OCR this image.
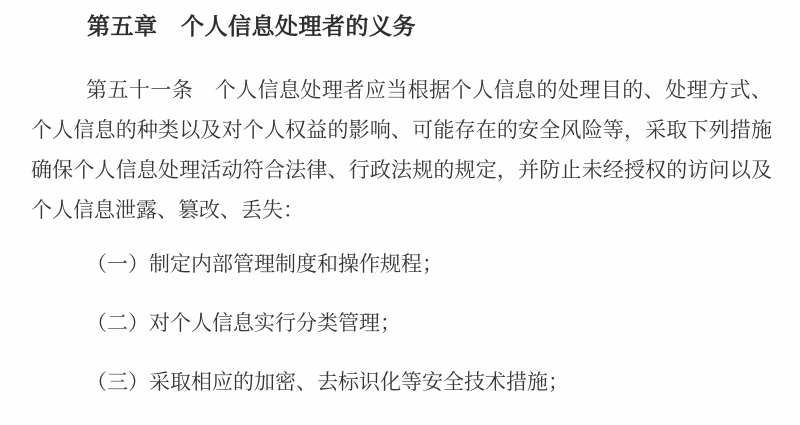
第五章　个人信息处理者的义务

第五十一条　个人信息处理者应当根据个人信息的处理目的、处理方式、个人信息的种类以及对个人权益的影响、可能存在的安全风险等，采取下列措施确保个人信息处理活动符合法律、行政法规的规定，并防止未经授权的访问以及个人信息泄露、篡改、丢失：

（一）制定内部管理制度和操作规程；

（二）对个人信息实行分类管理；

（三）采取相应的加密、去标识化等安全技术措施；
